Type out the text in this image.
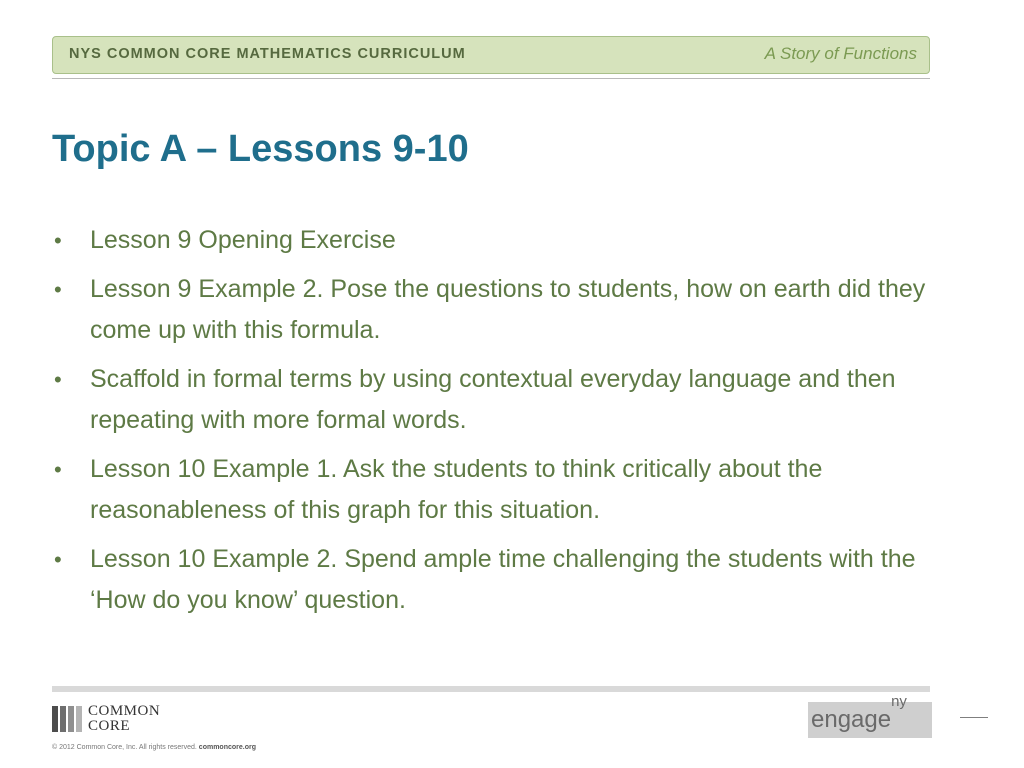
NYS COMMON CORE MATHEMATICS CURRICULUM	A Story of Functions
Topic A – Lessons 9-10
• Lesson 9 Opening Exercise
• Lesson 9 Example 2. Pose the questions to students, how on earth did they come up with this formula.
• Scaffold in formal terms by using contextual everyday language and then repeating with more formal words.
• Lesson 10 Example 1. Ask the students to think critically about the reasonableness of this graph for this situation.
• Lesson 10 Example 2. Spend ample time challenging the students with the ‘How do you know’ question.
COMMON
CORE
© 2012 Common Core, Inc. All rights reserved. commoncore.org
engage$^{ny}$
